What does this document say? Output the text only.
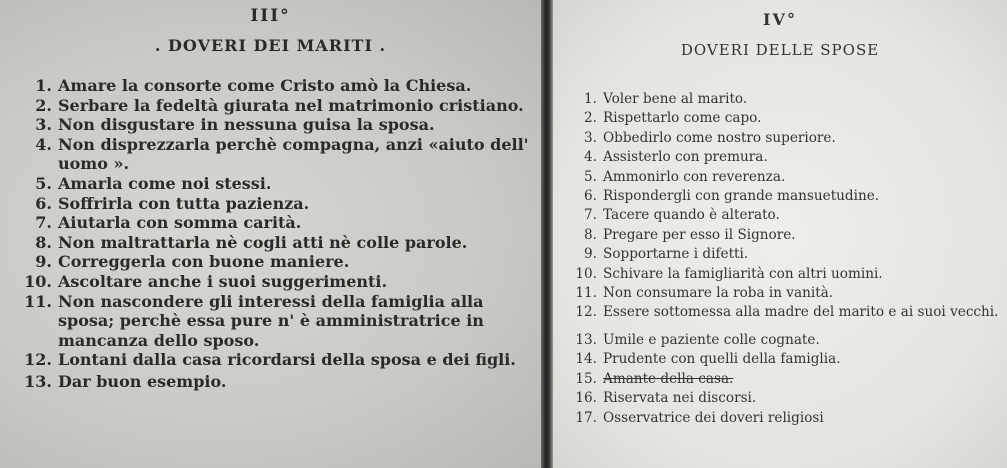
III°
. DOVERI DEI MARITI .
1. Amare la consorte come Cristo amò la Chiesa.
2. Serbare la fedeltà giurata nel matrimonio cristiano.
3. Non disgustare in nessuna guisa la sposa.
4. Non disprezzarla perchè compagna, anzi «aiuto dell' uomo ».
5. Amarla come noi stessi.
6. Soffrirla con tutta pazienza.
7. Aiutarla con somma carità.
8. Non maltrattarla nè cogli atti nè colle parole.
9. Correggerla con buone maniere.
10. Ascoltare anche i suoi suggerimenti.
11. Non nascondere gli interessi della famiglia alla sposa; perchè essa pure n' è amministratrice in mancanza dello sposo.
12. Lontani dalla casa ricordarsi della sposa e dei figli.
13. Dar buon esempio.
IV°
DOVERI DELLE SPOSE
1. Voler bene al marito.
2. Rispettarlo come capo.
3. Obbedirlo come nostro superiore.
4. Assisterlo con premura.
5. Ammonirlo con reverenza.
6. Rispondergli con grande mansuetudine.
7. Tacere quando è alterato.
8. Pregare per esso il Signore.
9. Sopportarne i difetti.
10. Schivare la famigliarità con altri uomini.
11. Non consumare la roba in vanità.
12. Essere sottomessa alla madre del marito e ai suoi vecchi.
13. Umile e paziente colle cognate.
14. Prudente con quelli della famiglia.
15. Amante della casa.
16. Riservata nei discorsi.
17. Osservatrice dei doveri religiosi
